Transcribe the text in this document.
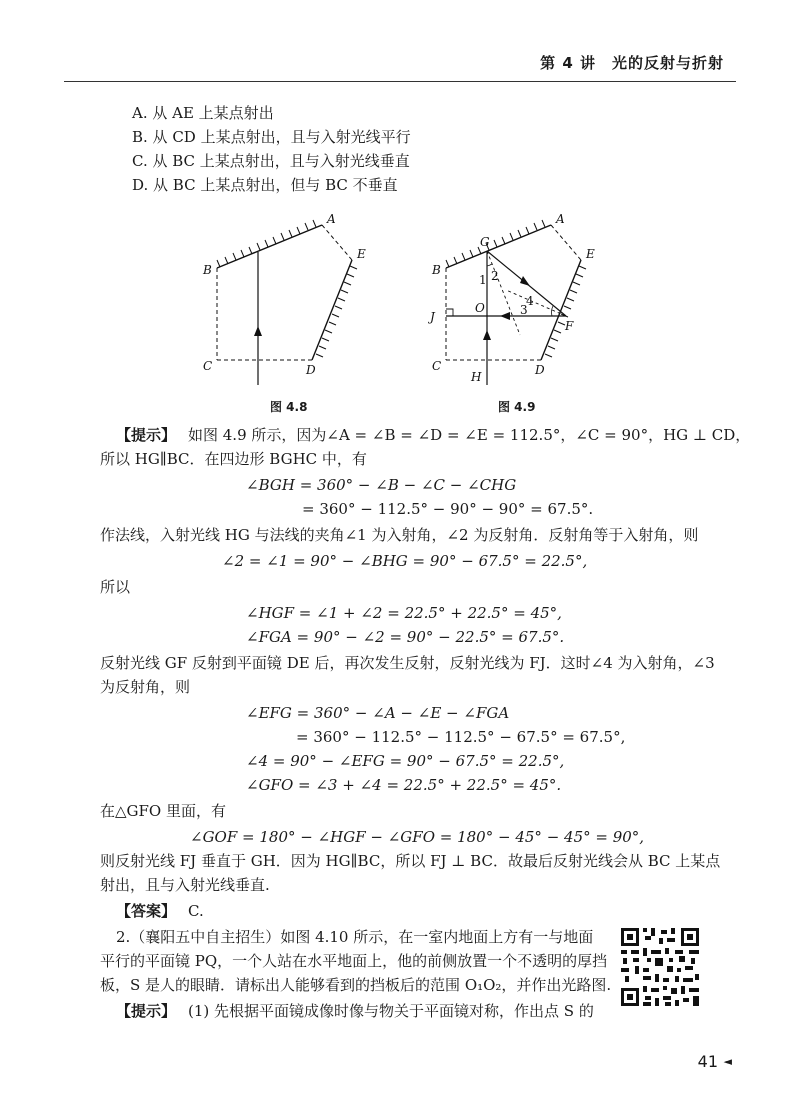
第 4 讲　光的反射与折射
A. 从 AE 上某点射出
B. 从 CD 上某点射出，且与入射光线平行
C. 从 BC 上某点射出，且与入射光线垂直
D. 从 BC 上某点射出，但与 BC 不垂直
A
B
C	D
E
图 4.8
A
B
C	D
E
G
F
J
O
H
1 2
3
4
图 4.9
【提示】 如图 4.9 所示，因为∠A = ∠B = ∠D = ∠E = 112.5°，∠C = 90°，HG ⊥ CD，
所以 HG∥BC．在四边形 BGHC 中，有
∠BGH = 360° − ∠B − ∠C − ∠CHG
= 360° − 112.5° − 90° − 90° = 67.5°.
作法线，入射光线 HG 与法线的夹角∠1 为入射角，∠2 为反射角．反射角等于入射角，则
∠2 = ∠1 = 90° − ∠BHG = 90° − 67.5° = 22.5°,
所以
∠HGF = ∠1 + ∠2 = 22.5° + 22.5° = 45°,
∠FGA = 90° − ∠2 = 90° − 22.5° = 67.5°.
反射光线 GF 反射到平面镜 DE 后，再次发生反射，反射光线为 FJ．这时∠4 为入射角，∠3
为反射角，则
∠EFG = 360° − ∠A − ∠E − ∠FGA
= 360° − 112.5° − 112.5° − 67.5° = 67.5°,
∠4 = 90° − ∠EFG = 90° − 67.5° = 22.5°,
∠GFO = ∠3 + ∠4 = 22.5° + 22.5° = 45°.
在△GFO 里面，有
∠GOF = 180° − ∠HGF − ∠GFO = 180° − 45° − 45° = 90°,
则反射光线 FJ 垂直于 GH．因为 HG∥BC，所以 FJ ⊥ BC．故最后反射光线会从 BC 上某点
射出，且与入射光线垂直.
【答案】 C.
2.（襄阳五中自主招生）如图 4.10 所示，在一室内地面上方有一与地面
平行的平面镜 PQ，一个人站在水平地面上，他的前侧放置一个不透明的厚挡
板，S 是人的眼睛．请标出人能够看到的挡板后的范围 O₁O₂，并作出光路图.
【提示】 (1) 先根据平面镜成像时像与物关于平面镜对称，作出点 S 的
41 ◄
